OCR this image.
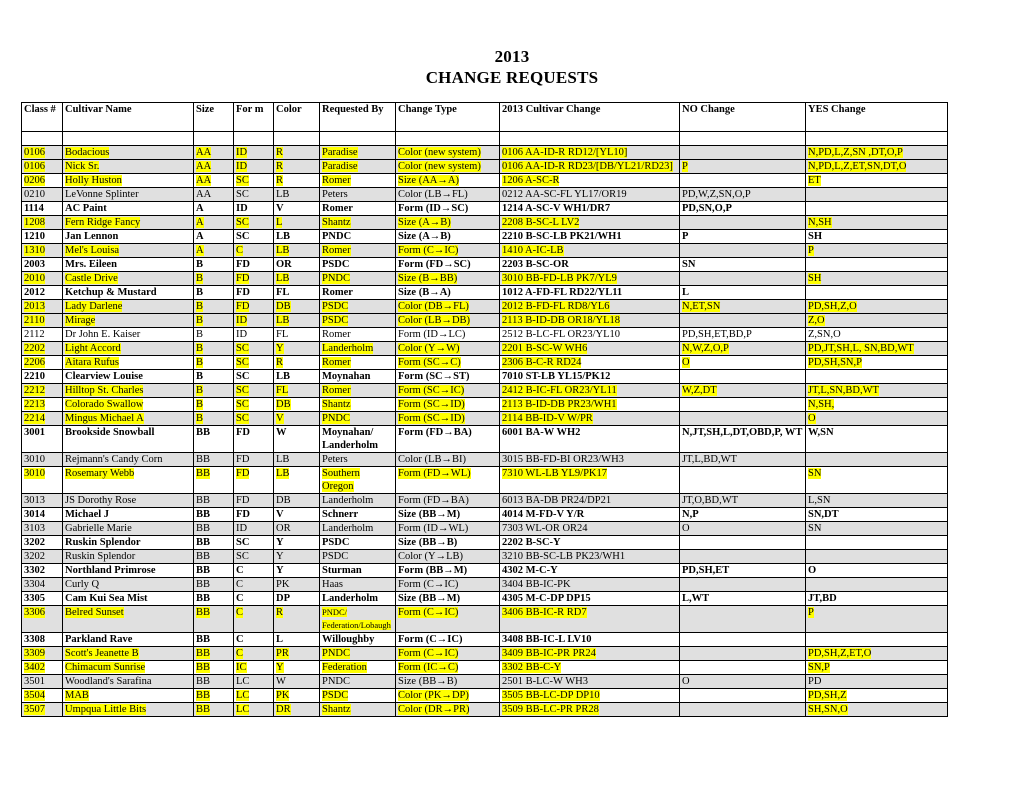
2013
CHANGE REQUESTS
Class #	Cultivar Name	Size	For m	Color	Requested By	Change Type	2013 Cultivar Change	NO Change	YES Change

0106	Bodacious	AA	ID	R	Paradise	Color (new system)	0106 AA-ID-R RD12/[YL10]		N,PD,L,Z,SN ,DT,O,P
0106	Nick Sr.	AA	ID	R	Paradise	Color (new system)	0106 AA-ID-R RD23/[DB/YL21/RD23]	P	N,PD,L,Z,ET,SN,DT,O
0206	Holly Huston	AA	SC	R	Romer	Size (AA→A)	1206 A-SC-R		ET
0210	LeVonne Splinter	AA	SC	LB	Peters	Color (LB→FL)	0212 AA-SC-FL YL17/OR19	PD,W,Z,SN,O,P	
1114	AC Paint	A	ID	V	Romer	Form (ID→SC)	1214 A-SC-V WH1/DR7	PD,SN,O,P	
1208	Fern Ridge Fancy	A	SC	L	Shantz	Size (A→B)	2208 B-SC-L LV2		N,SH
1210	Jan Lennon	A	SC	LB	PNDC	Size (A→B)	2210 B-SC-LB PK21/WH1	P	SH
1310	Mel's Louisa	A	C	LB	Romer	Form (C→IC)	1410 A-IC-LB		P
2003	Mrs. Eileen	B	FD	OR	PSDC	Form (FD→SC)	2203 B-SC-OR	SN	
2010	Castle Drive	B	FD	LB	PNDC	Size (B→BB)	3010 BB-FD-LB PK7/YL9		SH
2012	Ketchup & Mustard	B	FD	FL	Romer	Size (B→A)	1012 A-FD-FL RD22/YL11	L	
2013	Lady Darlene	B	FD	DB	PSDC	Color (DB→FL)	2012 B-FD-FL RD8/YL6	N,ET,SN	PD,SH,Z,O
2110	Mirage	B	ID	LB	PSDC	Color (LB→DB)	2113 B-ID-DB OR18/YL18		Z,O
2112	Dr John E. Kaiser	B	ID	FL	Romer	Form (ID→LC)	2512 B-LC-FL OR23/YL10	PD,SH,ET,BD,P	Z,SN,O
2202	Light Accord	B	SC	Y	Landerholm	Color (Y→W)	2201 B-SC-W WH6	N,W,Z,O,P	PD,JT,SH,L, SN,BD,WT
2206	Aitara Rufus	B	SC	R	Romer	Form (SC→C)	2306 B-C-R RD24	O	PD,SH,SN,P
2210	Clearview Louise	B	SC	LB	Moynahan	Form (SC→ST)	7010 ST-LB YL15/PK12		
2212	Hilltop St. Charles	B	SC	FL	Romer	Form (SC→IC)	2412 B-IC-FL OR23/YL11	W,Z,DT	JT,L,SN,BD,WT
2213	Colorado Swallow	B	SC	DB	Shantz	Form (SC→ID)	2113 B-ID-DB PR23/WH1		N,SH,
2214	Mingus Michael A	B	SC	V	PNDC	Form (SC→ID)	2114 BB-ID-V W/PR		O
3001	Brookside Snowball	BB	FD	W	Moynahan/ Landerholm	Form (FD→BA)	6001 BA-W WH2	N,JT,SH,L,DT,OBD,P, WT	W,SN
3010	Rejmann's Candy Corn	BB	FD	LB	Peters	Color (LB→BI)	3015 BB-FD-BI OR23/WH3	JT,L,BD,WT	
3010	Rosemary Webb	BB	FD	LB	Southern Oregon	Form (FD→WL)	7310 WL-LB YL9/PK17		SN
3013	JS Dorothy Rose	BB	FD	DB	Landerholm	Form (FD→BA)	6013 BA-DB PR24/DP21	JT,O,BD,WT	L,SN
3014	Michael J	BB	FD	V	Schnerr	Size (BB→M)	4014 M-FD-V Y/R	N,P	SN,DT
3103	Gabrielle Marie	BB	ID	OR	Landerholm	Form (ID→WL)	7303 WL-OR OR24	O	SN
3202	Ruskin Splendor	BB	SC	Y	PSDC	Size (BB→B)	2202 B-SC-Y		
3202	Ruskin Splendor	BB	SC	Y	PSDC	Color (Y→LB)	3210 BB-SC-LB PK23/WH1		
3302	Northland Primrose	BB	C	Y	Sturman	Form (BB→M)	4302 M-C-Y	PD,SH,ET	O
3304	Curly Q	BB	C	PK	Haas	Form (C→IC)	3404 BB-IC-PK		
3305	Cam Kui Sea Mist	BB	C	DP	Landerholm	Size (BB→M)	4305 M-C-DP DP15	L,WT	JT,BD
3306	Belred Sunset	BB	C	R	PNDC/ Federation/Lobaugh	Form (C→IC)	3406 BB-IC-R RD7		P
3308	Parkland Rave	BB	C	L	Willoughby	Form (C→IC)	3408 BB-IC-L LV10		
3309	Scott's Jeanette B	BB	C	PR	PNDC	Form (C→IC)	3409 BB-IC-PR PR24		PD,SH,Z,ET,O
3402	Chimacum Sunrise	BB	IC	Y	Federation	Form (IC→C)	3302 BB-C-Y		SN,P
3501	Woodland's Sarafina	BB	LC	W	PNDC	Size (BB→B)	2501 B-LC-W WH3	O	PD
3504	MAB	BB	LC	PK	PSDC	Color (PK→DP)	3505 BB-LC-DP DP10		PD,SH,Z
3507	Umpqua Little Bits	BB	LC	DR	Shantz	Color (DR→PR)	3509 BB-LC-PR PR28		SH,SN,O
